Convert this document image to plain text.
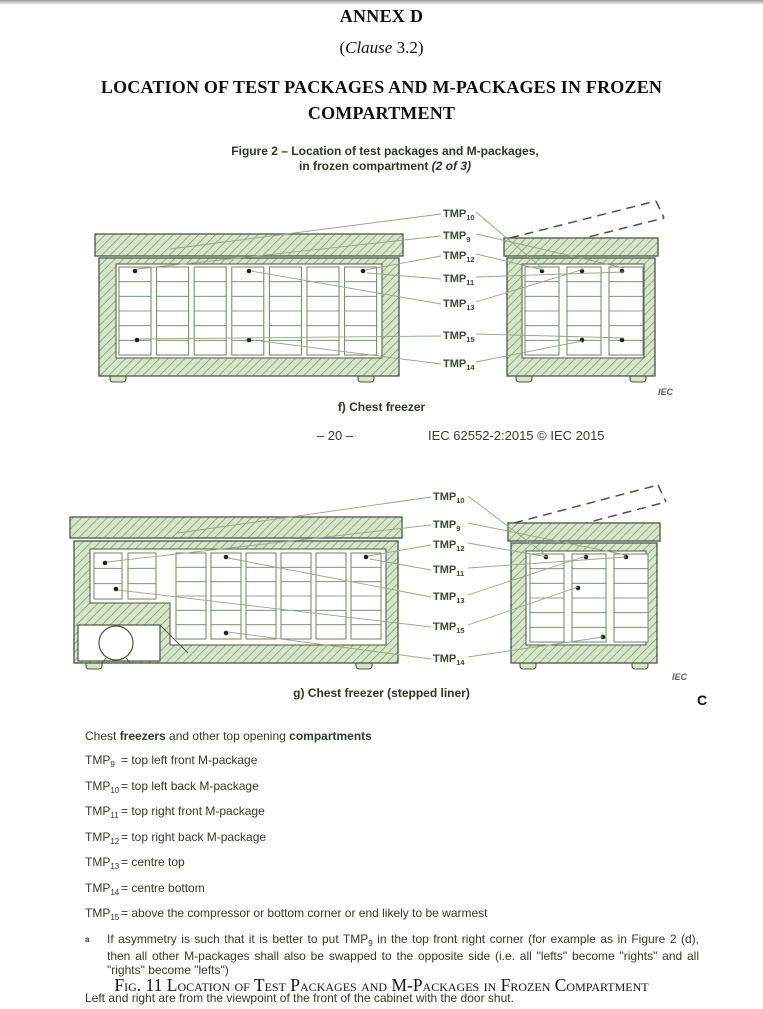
ANNEX D
(Clause 3.2)
LOCATION OF TEST PACKAGES AND M-PACKAGES IN FROZEN
COMPARTMENT
Figure 2 – Location of test packages and M-packages,
in frozen compartment (2 of 3)
$TMP_{10}$
$TMP_9$
$TMP_{12}$
$TMP_{11}$
$TMP_{13}$
$TMP_{15}$
$TMP_{14}$
IEC
f) Chest freezer
– 20 –	IEC 62552-2:2015 © IEC 2015
$TMP_{10}$
$TMP_9$
$TMP_{12}$
$TMP_{11}$
$TMP_{13}$
$TMP_{15}$
$TMP_{14}$
IEC
g) Chest freezer (stepped liner)	C
Chest freezers and other top opening compartments
$TMP_9$ = top left front M-package
$TMP_{10}$ = top left back M-package
$TMP_{11}$ = top right front M-package
$TMP_{12}$ = top right back M-package
$TMP_{13}$ = centre top
$TMP_{14}$ = centre bottom
$TMP_{15}$ = above the compressor or bottom corner or end likely to be warmest
a If asymmetry is such that it is better to put $TMP_9$ in the top front right corner (for example as in Figure 2 (d), then all other M-packages shall also be swapped to the opposite side (i.e. all "lefts" become "rights" and all "rights" become "lefts")
Left and right are from the viewpoint of the front of the cabinet with the door shut.
Fig. 11 Location of Test Packages and M-Packages in Frozen Compartment
